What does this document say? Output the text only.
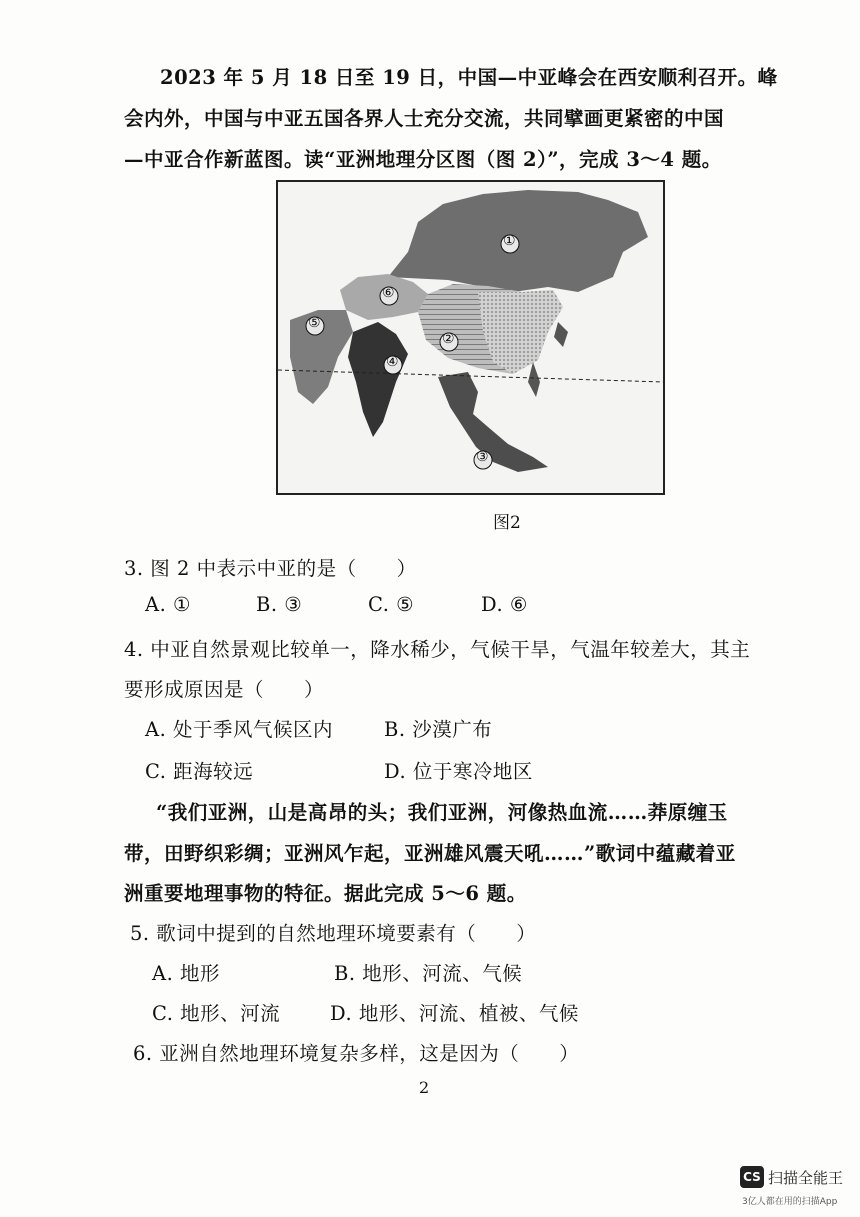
2023 年 5 月 18 日至 19 日，中国—中亚峰会在西安顺利召开。峰
会内外，中国与中亚五国各界人士充分交流，共同擘画更紧密的中国
—中亚合作新蓝图。读“亚洲地理分区图（图 2）”，完成 3～4 题。
①
②
③
④
⑤
⑥
图2
3. 图 2 中表示中亚的是（　　）
A. ①	B. ③	C. ⑤	D. ⑥
4. 中亚自然景观比较单一，降水稀少，气候干旱，气温年较差大，其主
要形成原因是（　　）
A. 处于季风气候区内	B. 沙漠广布
C. 距海较远	D. 位于寒冷地区
“我们亚洲，山是高昂的头；我们亚洲，河像热血流……莽原缠玉
带，田野织彩绸；亚洲风乍起，亚洲雄风震天吼……”歌词中蕴藏着亚
洲重要地理事物的特征。据此完成 5～6 题。
5. 歌词中提到的自然地理环境要素有（　　）
A. 地形	B. 地形、河流、气候
C. 地形、河流	D. 地形、河流、植被、气候
6. 亚洲自然地理环境复杂多样，这是因为（　　）
2
CS 扫描全能王
3亿人都在用的扫描App
